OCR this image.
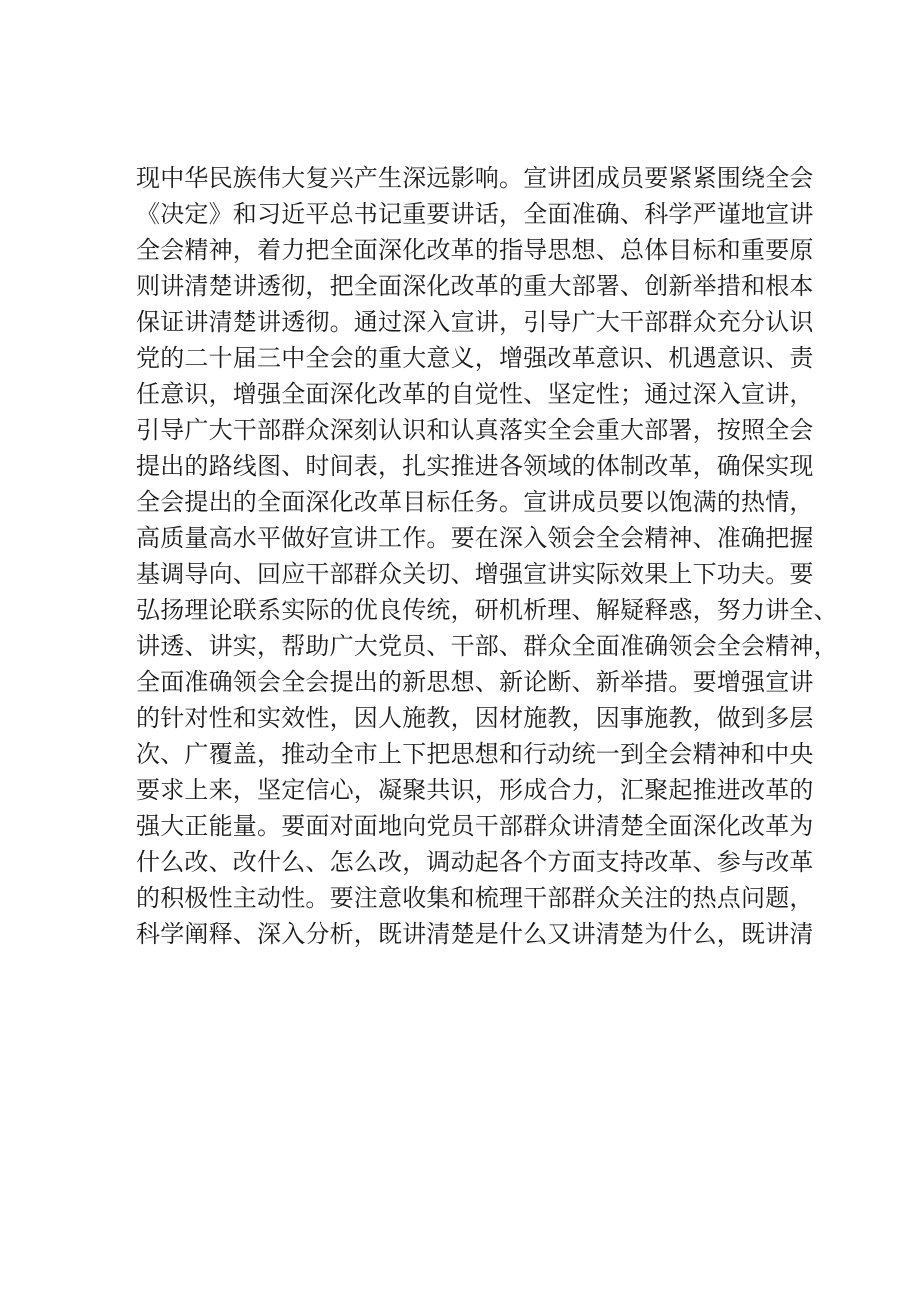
现中华民族伟大复兴产生深远影响。宣讲团成员要紧紧围绕全会
《决定》和习近平总书记重要讲话，全面准确、科学严谨地宣讲
全会精神，着力把全面深化改革的指导思想、总体目标和重要原
则讲清楚讲透彻，把全面深化改革的重大部署、创新举措和根本
保证讲清楚讲透彻。通过深入宣讲，引导广大干部群众充分认识
党的二十届三中全会的重大意义，增强改革意识、机遇意识、责
任意识，增强全面深化改革的自觉性、坚定性；通过深入宣讲，
引导广大干部群众深刻认识和认真落实全会重大部署，按照全会
提出的路线图、时间表，扎实推进各领域的体制改革，确保实现
全会提出的全面深化改革目标任务。宣讲成员要以饱满的热情，
高质量高水平做好宣讲工作。要在深入领会全会精神、准确把握
基调导向、回应干部群众关切、增强宣讲实际效果上下功夫。要
弘扬理论联系实际的优良传统，研机析理、解疑释惑，努力讲全、
讲透、讲实，帮助广大党员、干部、群众全面准确领会全会精神，
全面准确领会全会提出的新思想、新论断、新举措。要增强宣讲
的针对性和实效性，因人施教，因材施教，因事施教，做到多层
次、广覆盖，推动全市上下把思想和行动统一到全会精神和中央
要求上来，坚定信心，凝聚共识，形成合力，汇聚起推进改革的
强大正能量。要面对面地向党员干部群众讲清楚全面深化改革为
什么改、改什么、怎么改，调动起各个方面支持改革、参与改革
的积极性主动性。要注意收集和梳理干部群众关注的热点问题，
科学阐释、深入分析，既讲清楚是什么又讲清楚为什么，既讲清
